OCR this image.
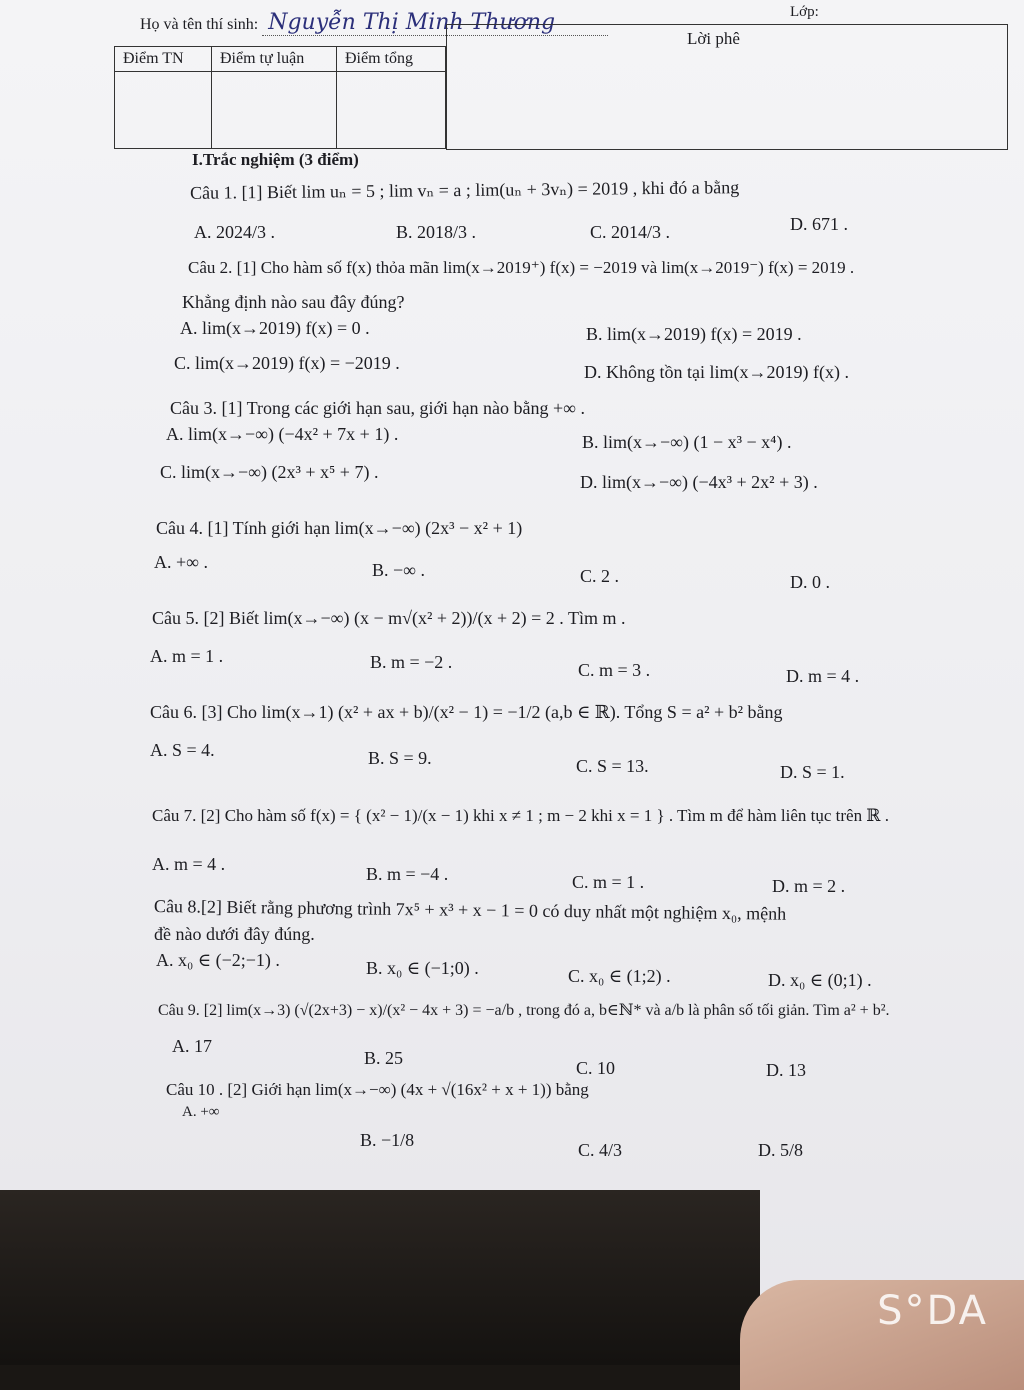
Họ và tên thí sinh: Nguyễn Thị Minh Thương	Lớp:
Điểm TN	Điểm tự luận	Điểm tổng

Lời phê
I.Trắc nghiệm (3 điểm)
Câu 1. [1] Biết lim uₙ = 5 ; lim vₙ = a ; lim(uₙ + 3vₙ) = 2019 , khi đó a bằng
A. 2024/3 .	B. 2018/3 .	C. 2014/3 .	D. 671 .
Câu 2. [1] Cho hàm số f(x) thỏa mãn lim(x→2019⁺) f(x) = −2019 và lim(x→2019⁻) f(x) = 2019 .
Khẳng định nào sau đây đúng?
A. lim(x→2019) f(x) = 0 .	B. lim(x→2019) f(x) = 2019 .
C. lim(x→2019) f(x) = −2019 .	D. Không tồn tại lim(x→2019) f(x) .
Câu 3. [1] Trong các giới hạn sau, giới hạn nào bằng +∞ .
A. lim(x→−∞) (−4x² + 7x + 1) .	B. lim(x→−∞) (1 − x³ − x⁴) .
C. lim(x→−∞) (2x³ + x⁵ + 7) .	D. lim(x→−∞) (−4x³ + 2x² + 3) .
Câu 4. [1] Tính giới hạn lim(x→−∞) (2x³ − x² + 1)
A. +∞ .	B. −∞ .	C. 2 .	D. 0 .
Câu 5. [2] Biết lim(x→−∞) (x − m√(x² + 2))/(x + 2) = 2 . Tìm m .
A. m = 1 .	B. m = −2 .	C. m = 3 .	D. m = 4 .
Câu 6. [3] Cho lim(x→1) (x² + ax + b)/(x² − 1) = −1/2 (a,b ∈ ℝ). Tổng S = a² + b² bằng
A. S = 4.	B. S = 9.	C. S = 13.	D. S = 1.
Câu 7. [2] Cho hàm số f(x) = { (x² − 1)/(x − 1) khi x ≠ 1 ; m − 2 khi x = 1 } . Tìm m để hàm liên tục trên ℝ .
A. m = 4 .	B. m = −4 .	C. m = 1 .	D. m = 2 .
Câu 8.[2] Biết rằng phương trình 7x⁵ + x³ + x − 1 = 0 có duy nhất một nghiệm x₀, mệnh
đề nào dưới đây đúng.
A. x₀ ∈ (−2;−1) .	B. x₀ ∈ (−1;0) .	C. x₀ ∈ (1;2) .	D. x₀ ∈ (0;1) .
Câu 9. [2] lim(x→3) (√(2x+3) − x)/(x² − 4x + 3) = −a/b , trong đó a, b∈ℕ* và a/b là phân số tối giản. Tìm a² + b².
A. 17
B. 25	C. 10	D. 13
Câu 10 . [2] Giới hạn lim(x→−∞) (4x + √(16x² + x + 1)) bằng
A. +∞
B. −1/8	C. 4/3	D. 5/8
S°DA
